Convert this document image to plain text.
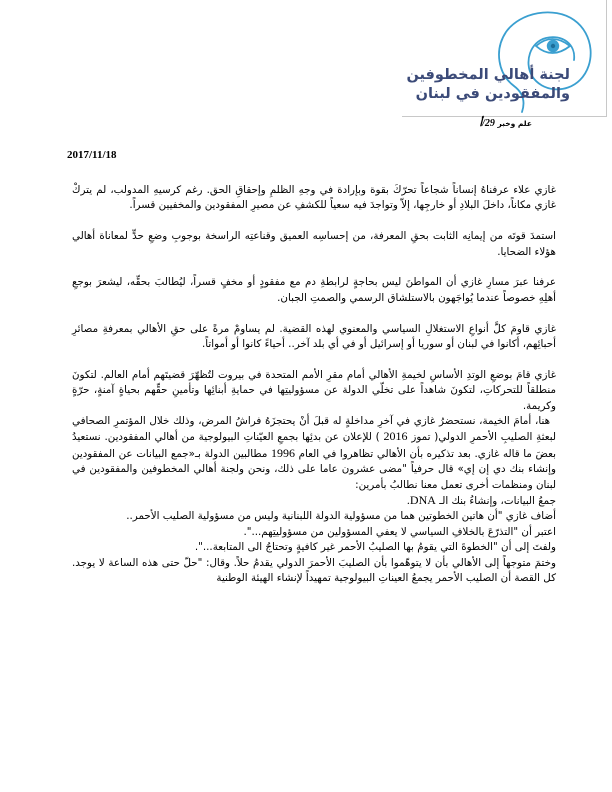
لجنة أهالي المخطوفين
والمفقودين في لبنان
علم وخبر 29/أ
2017/11/18

غازي علاء عرفناهُ إنساناً شجاعاً تحرّكَ بقوة وبإرادة في وجهِ الظلمِ وإحقاقِ الحق. رغم كرسيهِ المدولب، لم يتركْ غازي مكاناً، داخلَ البلادِ أو خارجِها، إلاّ وتواجدَ فيه سعياً للكشفِ عن مصيرِ المفقودين والمخفيين قسراً.

استمدَ قوتَه من إيمانِه الثابت بحقِ المعرفة، من إحساسِه العميق وقناعتِه الراسخة بوجوبِ وضعِ حدٍّ لمعاناة أهالي هؤلاء الضحايا.

عرفنا عبرَ مسارِ غازي أن المواطنَ ليس بحاجةٍ لرابطةِ دم مع مفقودٍ أو مخفٍ قسراً، ليُطالبَ بحقِّه، ليشعرَ بوجعِ أهلِهِ خصوصاً عندما يُواجَهون بالاستلشاق الرسمي والصمتِ الجبان.

غازي قاومَ كلَّ أنواعِ الاستغلالِ السياسي والمعنوي لهذه القضية. لم يساومْ مرةً على حقِ الأهالي بمعرفةِ مصائرِ أحبائِهم، أكانوا في لبنان أو سوريا أو إسرائيل أو في أي بلد آخر.. أحياءً كانوا أو أمواتاً.

غازي قامَ بوضعِ الوتدِ الأساسِ لخيمةِ الأهالي أمام مقرِ الأمم المتحدة في بيروت لتُظهّرَ قضيتَهم أمام العالم. لتكونَ منطلقاً للتحركاتِ، لتكونَ شاهداً على تخلّي الدولة عن مسؤوليتِها في حمايةِ أبنائِها وتأمينِ حقِّهم بحياةٍ آمنةٍ، حرّةٍ وكريمة.

هنا، أمامَ الخيمة، نستحضرُ غازي في آخرِ مداخلةٍ له قبلَ أنْ يحتجزَهُ فراشُ المرض، وذلك خلال المؤتمرِ الصحافي لبعثةِ الصليبِ الأحمرِ الدولي( تموز 2016 ) للإعلان عن بدئِها بجمعِ العيّناتِ البيولوجية من أهالي المفقودين. نستعيدُ بعضَ ما قاله غازي. بعد تذكيره بأن الأهالي تظاهروا في العام 1996 مطالبين الدولة بـ«جمع البيانات عن المفقودين وإنشاء بنك دي إن إي» قال حرفياً "مضى عشرون عاما على ذلك، ونحن ولجنة أهالي المخطوفين والمفقودين في لبنان ومنظمات أخرى تعمل معنا نطالبُ بأمرين:

جمعُ البيانات، وإنشاءُ بنك الـ DNA.

أضاف غازي "أن هاتين الخطوتين هما من مسؤولية الدولة اللبنانية وليس من مسؤولية الصليب الأحمر..

اعتبر أن "التذرّعَ بالخلافِ السياسي لا يعفي المسؤولين من مسؤوليتِهم...".

ولفتَ إلى أن "الخطوةَ التي يقومُ بها الصليبُ الأحمر غير كافيةٍ وتحتاجُ الى المتابعة...".

وختمَ متوجهاً إلى الأهالي بأن لا يتوهّموا بأن الصليبَ الأحمرَ الدولي يقدمُ حلاً. وقال: "حلّ حتى هذه الساعة لا يوجد. كل القصة أن الصليب الأحمر يجمعُ العيناتِ البيولوجية تمهيداً لإنشاء الهيئة الوطنية
